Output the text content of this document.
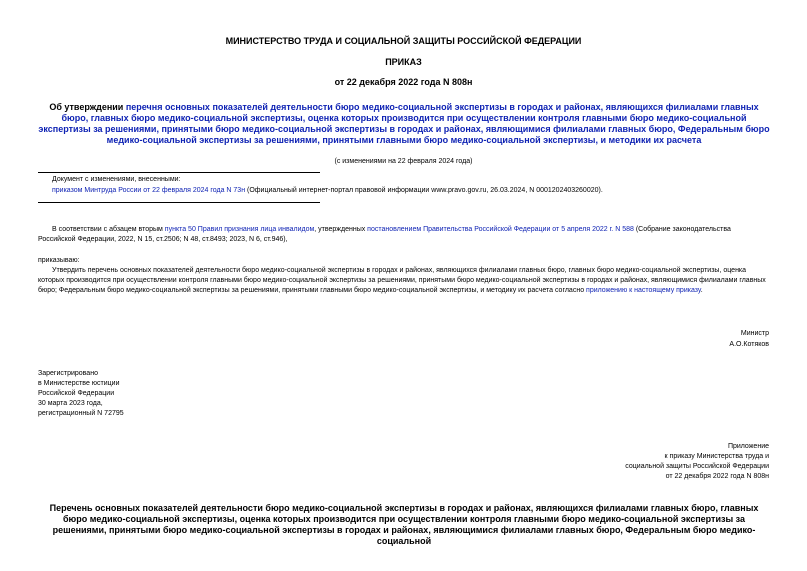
МИНИСТЕРСТВО ТРУДА И СОЦИАЛЬНОЙ ЗАЩИТЫ РОССИЙСКОЙ ФЕДЕРАЦИИ
ПРИКАЗ
от 22 декабря 2022 года N 808н
Об утверждении перечня основных показателей деятельности бюро медико-социальной экспертизы в городах и районах, являющихся филиалами главных бюро, главных бюро медико-социальной экспертизы, оценка которых производится при осуществлении контроля главными бюро медико-социальной экспертизы за решениями, принятыми бюро медико-социальной экспертизы в городах и районах, являющимися филиалами главных бюро, Федеральным бюро медико-социальной экспертизы за решениями, принятыми главными бюро медико-социальной экспертизы, и методики их расчета
(с изменениями на 22 февраля 2024 года)
Документ с изменениями, внесенными:
приказом Минтруда России от 22 февраля 2024 года N 73н (Официальный интернет-портал правовой информации www.pravo.gov.ru, 26.03.2024, N 0001202403260020).
В соответствии с абзацем вторым пункта 50 Правил признания лица инвалидом, утвержденных постановлением Правительства Российской Федерации от 5 апреля 2022 г. N 588 (Собрание законодательства Российской Федерации, 2022, N 15, ст.2506; N 48, ст.8493; 2023, N 6, ст.946),
приказываю:
Утвердить перечень основных показателей деятельности бюро медико-социальной экспертизы в городах и районах, являющихся филиалами главных бюро, главных бюро медико-социальной экспертизы, оценка которых производится при осуществлении контроля главными бюро медико-социальной экспертизы за решениями, принятыми бюро медико-социальной экспертизы в городах и районах, являющимися филиалами главных бюро; Федеральным бюро медико-социальной экспертизы за решениями, принятыми главными бюро медико-социальной экспертизы, и методику их расчета согласно приложению к настоящему приказу.
Министр
А.О.Котяков
Зарегистрировано
в Министерстве юстиции
Российской Федерации
30 марта 2023 года,
регистрационный N 72795
Приложение
к приказу Министерства труда и
социальной защиты Российской Федерации
от 22 декабря 2022 года N 808н
Перечень основных показателей деятельности бюро медико-социальной экспертизы в городах и районах, являющихся филиалами главных бюро, главных бюро медико-социальной экспертизы, оценка которых производится при осуществлении контроля главными бюро медико-социальной экспертизы за решениями, принятыми бюро медико-социальной экспертизы в городах и районах, являющимися филиалами главных бюро, Федеральным бюро медико-социальной
